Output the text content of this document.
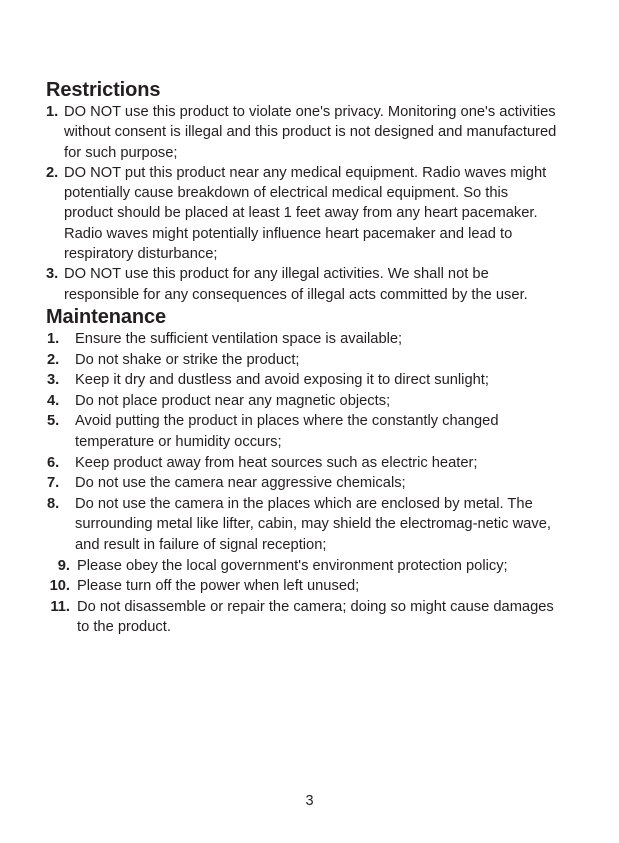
Restrictions
1. DO NOT use this product to violate one's privacy. Monitoring one's activities without consent is illegal and this product is not designed and manufactured for such purpose;
2. DO NOT put this product near any medical equipment. Radio waves might potentially cause breakdown of electrical medical equipment. So this product should be placed at least 1 feet away from any heart pacemaker. Radio waves might potentially influence heart pacemaker and lead to respiratory disturbance;
3. DO NOT use this product for any illegal activities. We shall not be responsible for any consequences of illegal acts committed by the user.
Maintenance
1. Ensure the sufficient ventilation space is available;
2. Do not shake or strike the product;
3. Keep it dry and dustless and avoid exposing it to direct sunlight;
4. Do not place product near any magnetic objects;
5. Avoid putting the product in places where the constantly changed temperature or humidity occurs;
6. Keep product away from heat sources such as electric heater;
7. Do not use the camera near aggressive chemicals;
8. Do not use the camera in the places which are enclosed by metal. The surrounding metal like lifter, cabin, may shield the electromag-netic wave, and result in failure of signal reception;
9. Please obey the local government's environment protection policy;
10. Please turn off the power when left unused;
11. Do not disassemble or repair the camera; doing so might cause damages to the product.
3
